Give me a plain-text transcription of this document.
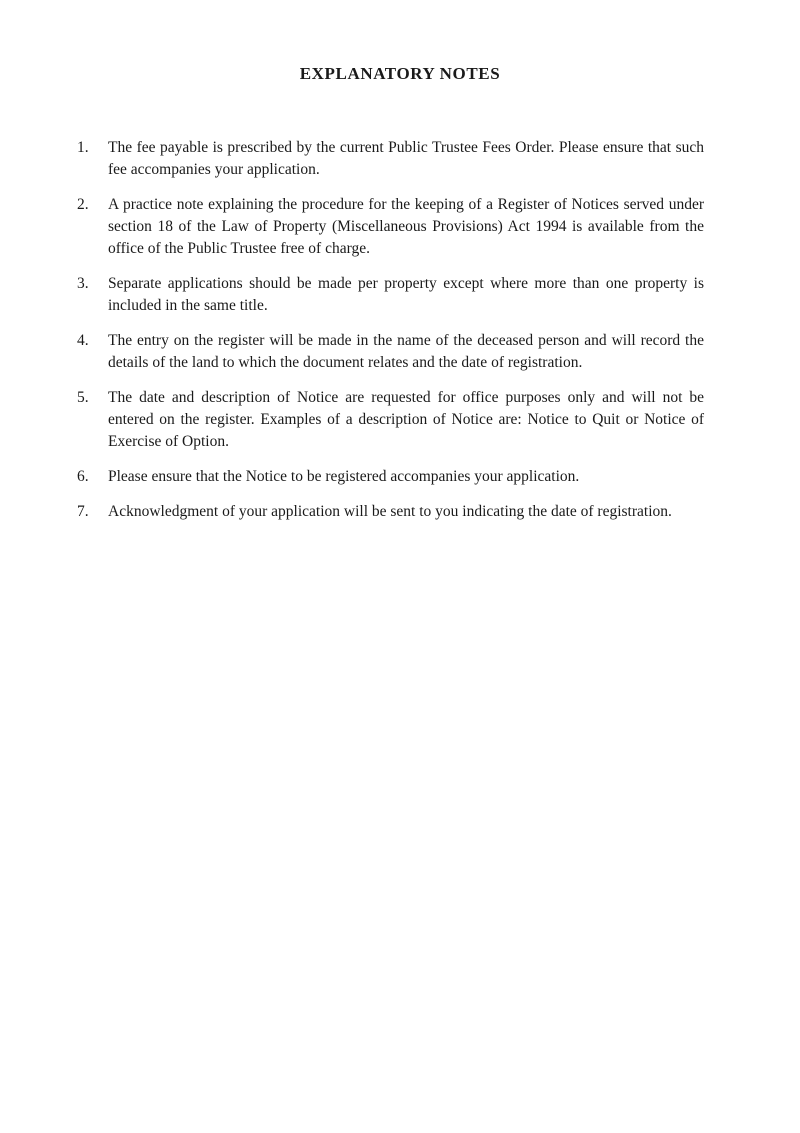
EXPLANATORY NOTES
1.	The fee payable is prescribed by the current Public Trustee Fees Order. Please ensure that such fee accompanies your application.

2.	A practice note explaining the procedure for the keeping of a Register of Notices served under section 18 of the Law of Property (Miscellaneous Provisions) Act 1994 is available from the office of the Public Trustee free of charge.

3.	Separate applications should be made per property except where more than one property is included in the same title.

4.	The entry on the register will be made in the name of the deceased person and will record the details of the land to which the document relates and the date of registration.

5.	The date and description of Notice are requested for office purposes only and will not be entered on the register. Examples of a description of Notice are: Notice to Quit or Notice of Exercise of Option.

6.	Please ensure that the Notice to be registered accompanies your application.

7.	Acknowledgment of your application will be sent to you indicating the date of registration.
